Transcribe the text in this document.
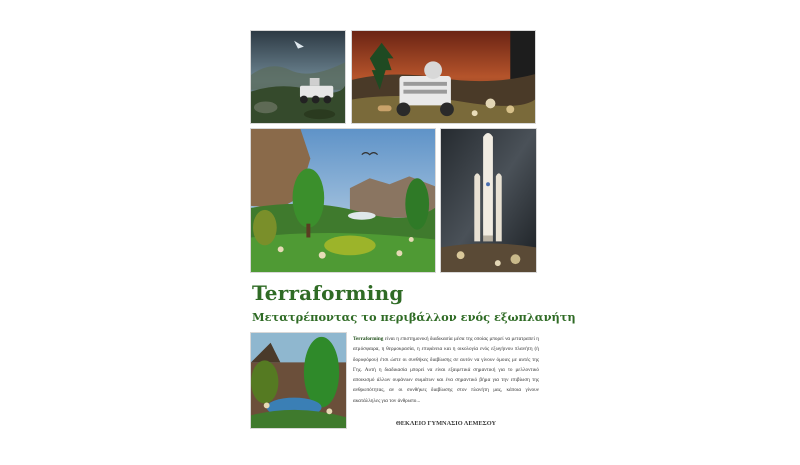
Terraforming
Μετατρέποντας το περιβάλλον ενός εξωπλανήτη

Terraforming είναι η επιστημονική διαδικασία μέσα της οποίας μπορεί να μετατραπεί η ατμόσφαιρα, η θερμοκρασία, η επιφάνεια και η οικολογία ενός εξωγήινου πλανήτη (ή δορυφόρου) έτσι ώστε οι συνθήκες διαβίωσης σε αυτόν να γίνουν όμοιες με αυτές της Γης. Αυτή η διαδικασία μπορεί να είναι εξαιρετικά σημαντική για το μελλοντικό αποικισμό άλλων ουράνιων σωμάτων και ένα σημαντικό βήμα για την επιβίωση της ανθρωπότητας, αν οι συνθήκες διαβίωσης στον πλανήτη μας, κάποια γίνουν ακατάλληλες για τον άνθρωπο...

ΘΕΚΛΕΙΟ ΓΥΜΝΑΣΙΟ ΛΕΜΕΣΟΥ
